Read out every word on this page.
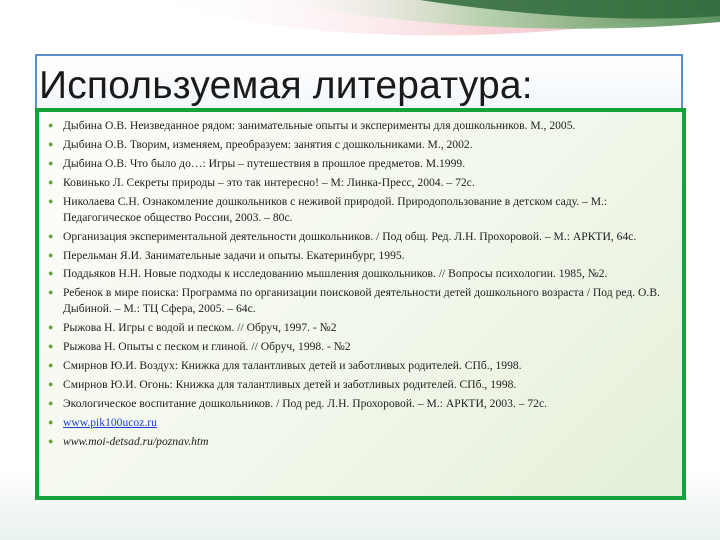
Используемая литература:
● Дыбина О.В. Неизведанное рядом: занимательные опыты и эксперименты для дошкольников. М., 2005.
● Дыбина О.В. Творим, изменяем, преобразуем: занятия с дошкольниками. М., 2002.
● Дыбина О.В. Что было до…: Игры – путешествия в прошлое предметов. М.1999.
● Ковинько Л. Секреты природы – это так интересно! – М: Линка-Пресс, 2004. – 72с.
● Николаева С.Н. Ознакомление дошкольников с неживой природой. Природопользование в детском саду. – М.: Педагогическое общество России, 2003. – 80с.
● Организация экспериментальной деятельности дошкольников. / Под общ. Ред. Л.Н. Прохоровой. – М.: АРКТИ, 64с.
● Перельман Я.И. Занимательные задачи и опыты. Екатеринбург, 1995.
● Поддьяков Н.Н. Новые подходы к исследованию мышления дошкольников. // Вопросы психологии. 1985, №2.
● Ребенок в мире поиска: Программа по организации поисковой деятельности детей дошкольного возраста / Под ред. О.В. Дыбиной. – М.: ТЦ Сфера, 2005. – 64с.
● Рыжова Н. Игры с водой и песком. // Обруч, 1997. - №2
● Рыжова Н. Опыты с песком и глиной. // Обруч, 1998. - №2
● Смирнов Ю.И. Воздух: Книжка для талантливых детей и заботливых родителей. СПб., 1998.
● Смирнов Ю.И. Огонь: Книжка для талантливых детей и заботливых родителей. СПб., 1998.
● Экологическое воспитание дошкольников. / Под ред. Л.Н. Прохоровой. – М.: АРКТИ, 2003. – 72с.
● www.pik100ucoz.ru
● www.moi-detsad.ru/poznav.htm
